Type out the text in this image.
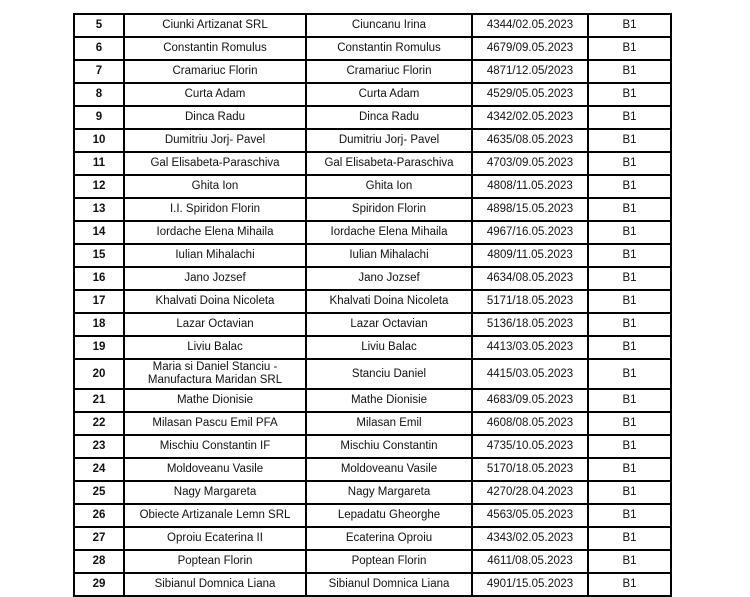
5	Ciunki Artizanat SRL	Ciuncanu Irina	4344/02.05.2023	B1
6	Constantin Romulus	Constantin Romulus	4679/09.05.2023	B1
7	Cramariuc Florin	Cramariuc Florin	4871/12.05/2023	B1
8	Curta Adam	Curta Adam	4529/05.05.2023	B1
9	Dinca Radu	Dinca Radu	4342/02.05.2023	B1
10	Dumitriu Jorj- Pavel	Dumitriu Jorj- Pavel	4635/08.05.2023	B1
11	Gal Elisabeta-Paraschiva	Gal Elisabeta-Paraschiva	4703/09.05.2023	B1
12	Ghita Ion	Ghita Ion	4808/11.05.2023	B1
13	I.I. Spiridon Florin	Spiridon Florin	4898/15.05.2023	B1
14	Iordache Elena Mihaila	Iordache Elena Mihaila	4967/16.05.2023	B1
15	Iulian Mihalachi	Iulian Mihalachi	4809/11.05.2023	B1
16	Jano Jozsef	Jano Jozsef	4634/08.05.2023	B1
17	Khalvati Doina Nicoleta	Khalvati Doina Nicoleta	5171/18.05.2023	B1
18	Lazar Octavian	Lazar Octavian	5136/18.05.2023	B1
19	Liviu Balac	Liviu Balac	4413/03.05.2023	B1
20	Maria si Daniel Stanciu - Manufactura Maridan SRL	Stanciu Daniel	4415/03.05.2023	B1
21	Mathe Dionisie	Mathe Dionisie	4683/09.05.2023	B1
22	Milasan Pascu Emil PFA	Milasan Emil	4608/08.05.2023	B1
23	Mischiu Constantin IF	Mischiu Constantin	4735/10.05.2023	B1
24	Moldoveanu Vasile	Moldoveanu Vasile	5170/18.05.2023	B1
25	Nagy Margareta	Nagy Margareta	4270/28.04.2023	B1
26	Obiecte Artizanale Lemn SRL	Lepadatu Gheorghe	4563/05.05.2023	B1
27	Oproiu Ecaterina II	Ecaterina Oproiu	4343/02.05.2023	B1
28	Poptean Florin	Poptean Florin	4611/08.05.2023	B1
29	Sibianul Domnica Liana	Sibianul Domnica Liana	4901/15.05.2023	B1
